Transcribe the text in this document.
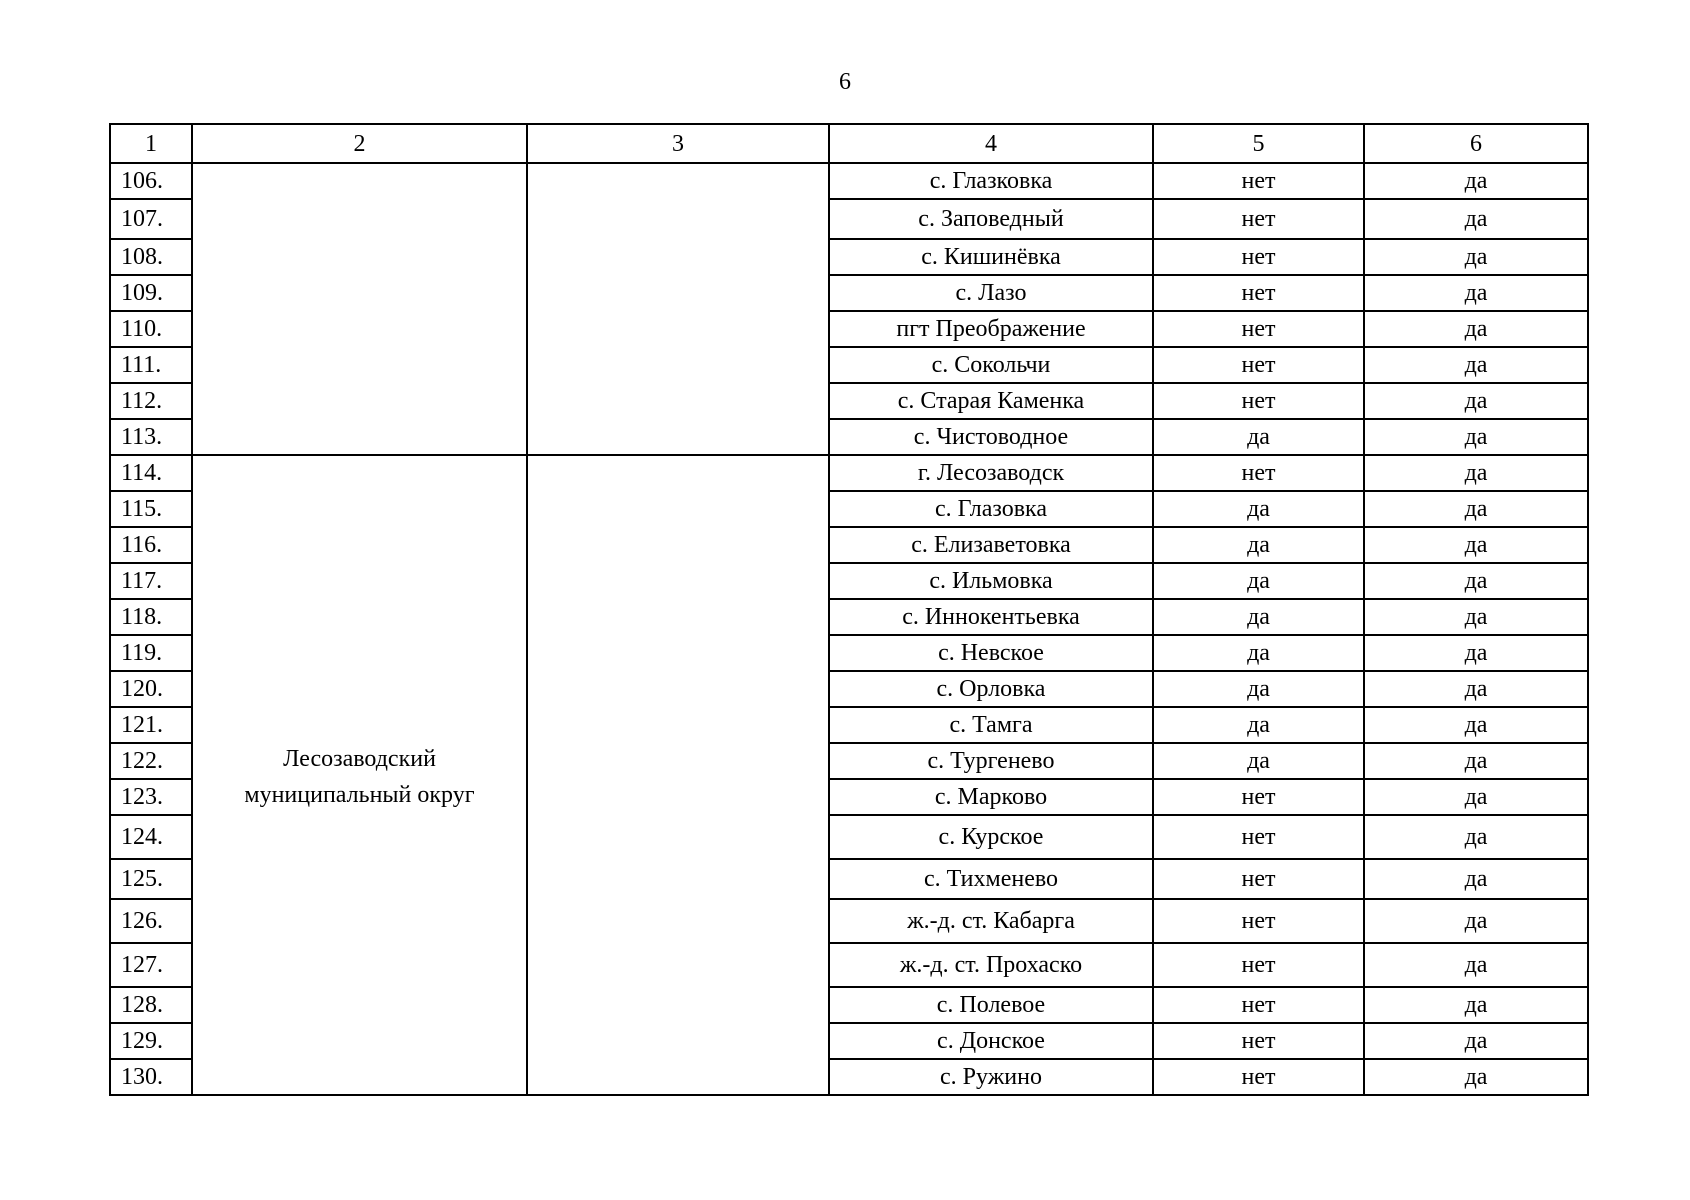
6
1	2	3	4	5	6
106.			с. Глазковка	нет	да
107.			с. Заповедный	нет	да
108.			с. Кишинёвка	нет	да
109.			с. Лазо	нет	да
110.			пгт Преображение	нет	да
111.			с. Сокольчи	нет	да
112.			с. Старая Каменка	нет	да
113.			с. Чистоводное	да	да
114.	Лесозаводский муниципальный округ		г. Лесозаводск	нет	да
115.			с. Глазовка	да	да
116.			с. Елизаветовка	да	да
117.			с. Ильмовка	да	да
118.			с. Иннокентьевка	да	да
119.			с. Невское	да	да
120.			с. Орловка	да	да
121.			с. Тамга	да	да
122.			с. Тургенево	да	да
123.			с. Марково	нет	да
124.			с. Курское	нет	да
125.			с. Тихменево	нет	да
126.			ж.-д. ст. Кабарга	нет	да
127.			ж.-д. ст. Прохаско	нет	да
128.			с. Полевое	нет	да
129.			с. Донское	нет	да
130.			с. Ружино	нет	да
